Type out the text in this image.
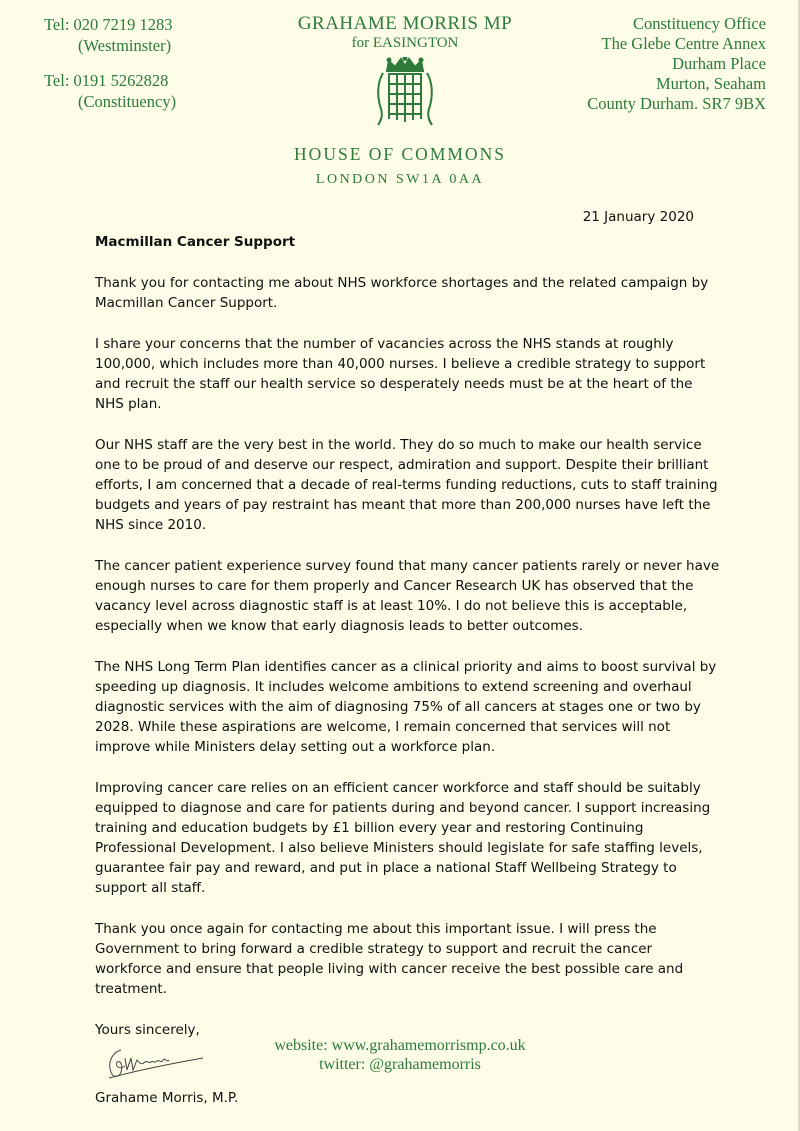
Tel: 020 7219 1283
(Westminster)
Tel: 0191 5262828
(Constituency)
GRAHAME MORRIS MP
for EASINGTON
Constituency Office
The Glebe Centre Annex
Durham Place
Murton, Seaham
County Durham. SR7 9BX
HOUSE OF COMMONS
LONDON SW1A 0AA
21 January 2020
Macmillan Cancer Support

Thank you for contacting me about NHS workforce shortages and the related campaign by Macmillan Cancer Support.

I share your concerns that the number of vacancies across the NHS stands at roughly 100,000, which includes more than 40,000 nurses. I believe a credible strategy to support and recruit the staff our health service so desperately needs must be at the heart of the NHS plan.

Our NHS staff are the very best in the world. They do so much to make our health service one to be proud of and deserve our respect, admiration and support. Despite their brilliant efforts, I am concerned that a decade of real-terms funding reductions, cuts to staff training budgets and years of pay restraint has meant that more than 200,000 nurses have left the NHS since 2010.

The cancer patient experience survey found that many cancer patients rarely or never have enough nurses to care for them properly and Cancer Research UK has observed that the vacancy level across diagnostic staff is at least 10%. I do not believe this is acceptable, especially when we know that early diagnosis leads to better outcomes.

The NHS Long Term Plan identifies cancer as a clinical priority and aims to boost survival by speeding up diagnosis. It includes welcome ambitions to extend screening and overhaul diagnostic services with the aim of diagnosing 75% of all cancers at stages one or two by 2028. While these aspirations are welcome, I remain concerned that services will not improve while Ministers delay setting out a workforce plan.

Improving cancer care relies on an efficient cancer workforce and staff should be suitably equipped to diagnose and care for patients during and beyond cancer. I support increasing training and education budgets by £1 billion every year and restoring Continuing Professional Development. I also believe Ministers should legislate for safe staffing levels, guarantee fair pay and reward, and put in place a national Staff Wellbeing Strategy to support all staff.

Thank you once again for contacting me about this important issue. I will press the Government to bring forward a credible strategy to support and recruit the cancer workforce and ensure that people living with cancer receive the best possible care and treatment.

Yours sincerely,
Grahame Morris, M.P.
website: www.grahamemorrismp.co.uk
twitter: @grahamemorris
